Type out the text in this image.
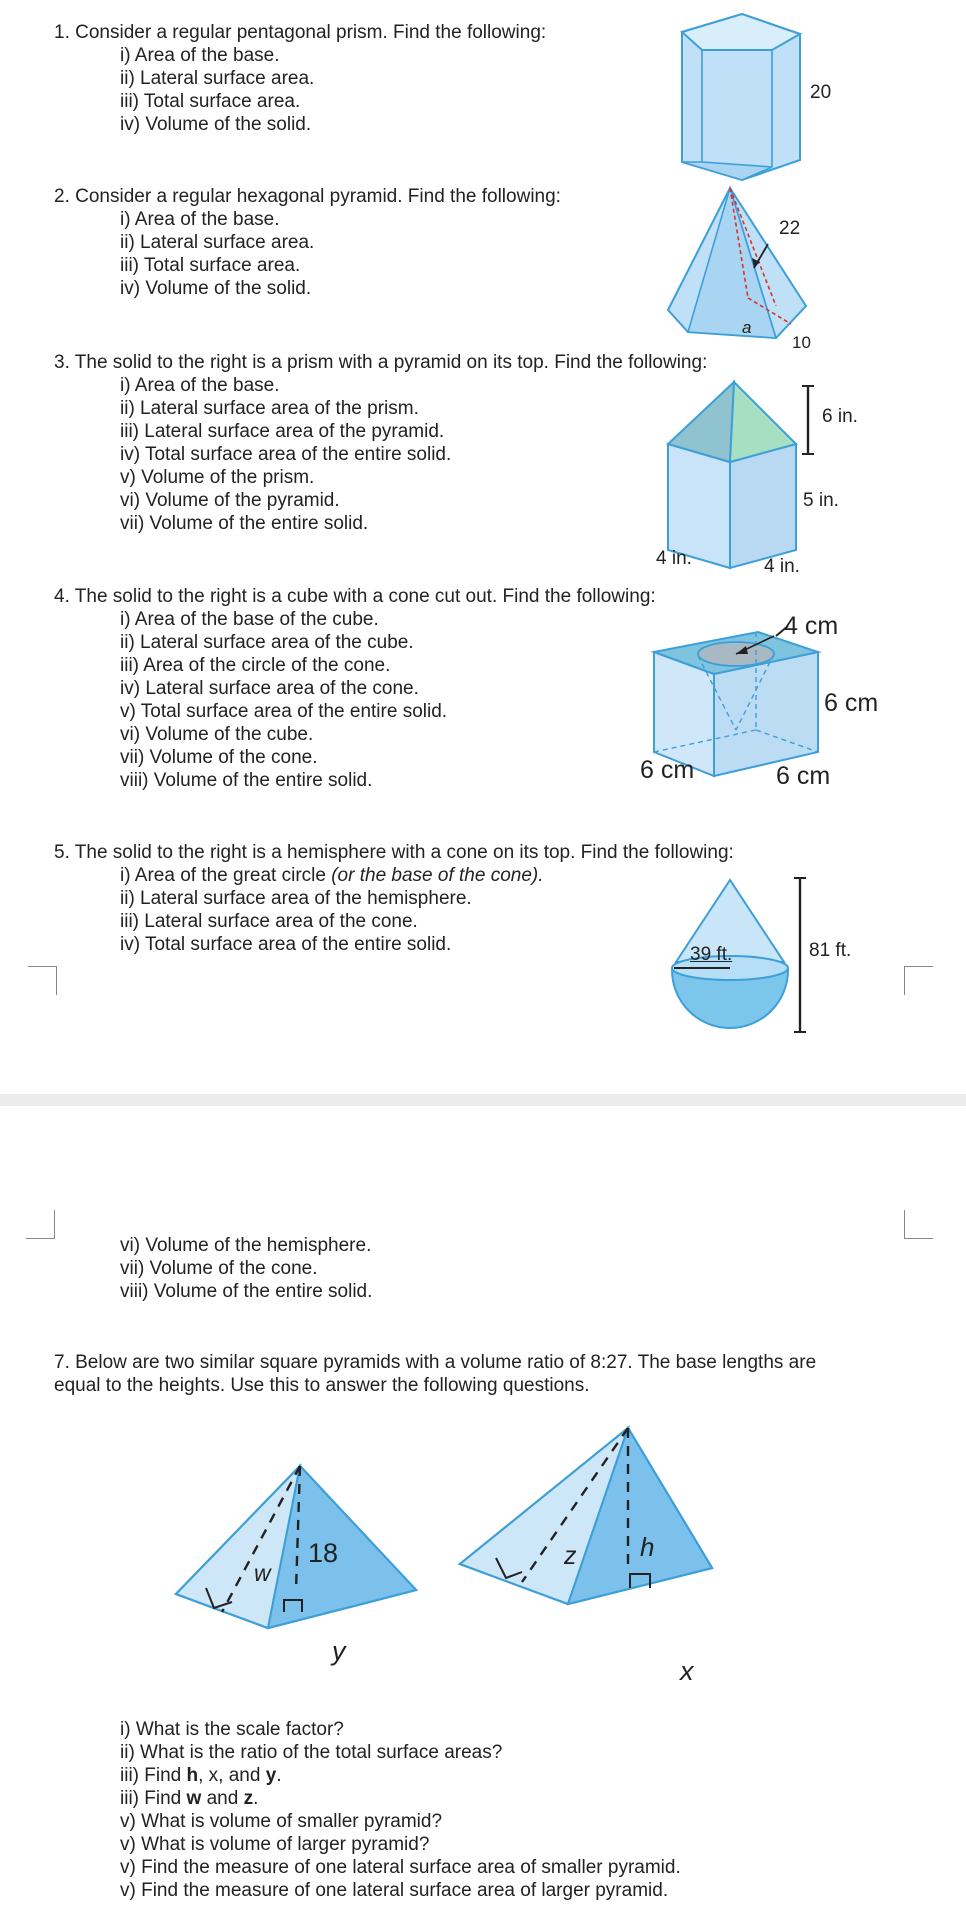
1. Consider a regular pentagonal prism. Find the following:
i) Area of the base.
ii) Lateral surface area.
iii) Total surface area.
iv) Volume of the solid.
20
2. Consider a regular hexagonal pyramid. Find the following:
i) Area of the base.
ii) Lateral surface area.
iii) Total surface area.
iv) Volume of the solid.
22
a
10
3. The solid to the right is a prism with a pyramid on its top. Find the following:
i) Area of the base.
ii) Lateral surface area of the prism.
iii) Lateral surface area of the pyramid.
iv) Total surface area of the entire solid.
v) Volume of the prism.
vi) Volume of the pyramid.
vii) Volume of the entire solid.
6 in.
5 in.
4 in.	4 in.
4. The solid to the right is a cube with a cone cut out. Find the following:
i) Area of the base of the cube.
ii) Lateral surface area of the cube.
iii) Area of the circle of the cone.
iv) Lateral surface area of the cone.
v) Total surface area of the entire solid.
vi) Volume of the cube.
vii) Volume of the cone.
viii) Volume of the entire solid.
4 cm
6 cm
6 cm	6 cm
5. The solid to the right is a hemisphere with a cone on its top. Find the following:
i) Area of the great circle (or the base of the cone).
ii) Lateral surface area of the hemisphere.
iii) Lateral surface area of the cone.
iv) Total surface area of the entire solid.	39 ft.	81 ft.
vi) Volume of the hemisphere.
vii) Volume of the cone.
viii) Volume of the entire solid.
7. Below are two similar square pyramids with a volume ratio of 8:27. The base lengths are
equal to the heights. Use this to answer the following questions.
w
18
y
z h
x
i) What is the scale factor?
ii) What is the ratio of the total surface areas?
iii) Find h, x, and y.
iii) Find w and z.
v) What is volume of smaller pyramid?
v) What is volume of larger pyramid?
v) Find the measure of one lateral surface area of smaller pyramid.
v) Find the measure of one lateral surface area of larger pyramid.
